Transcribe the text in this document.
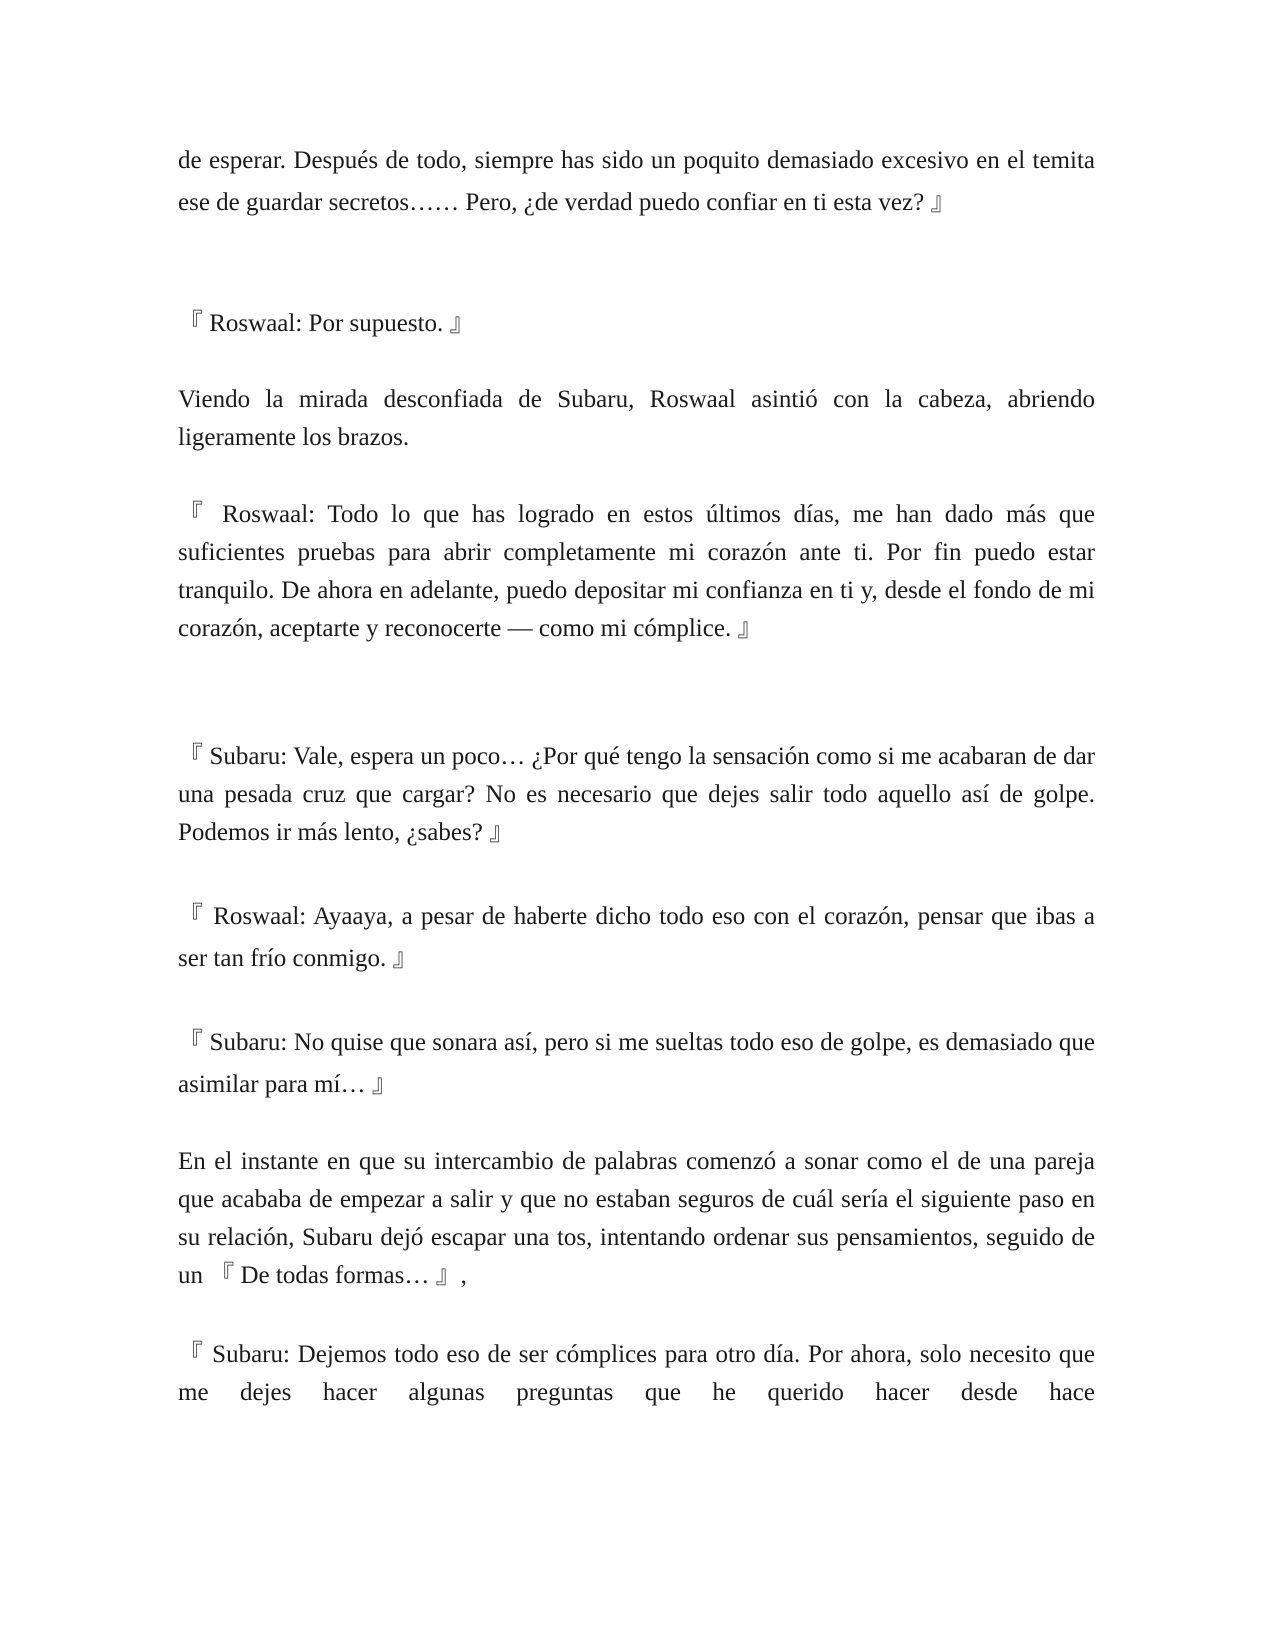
de esperar. Después de todo, siempre has sido un poquito demasiado excesivo en el temita ese de guardar secretos…… Pero, ¿de verdad puedo confiar en ti esta vez? 』

『 Roswaal: Por supuesto. 』

Viendo la mirada desconfiada de Subaru, Roswaal asintió con la cabeza, abriendo ligeramente los brazos.

『 Roswaal: Todo lo que has logrado en estos últimos días, me han dado más que suficientes pruebas para abrir completamente mi corazón ante ti. Por fin puedo estar tranquilo. De ahora en adelante, puedo depositar mi confianza en ti y, desde el fondo de mi corazón, aceptarte y reconocerte — como mi cómplice. 』

『 Subaru: Vale, espera un poco… ¿Por qué tengo la sensación como si me acabaran de dar una pesada cruz que cargar? No es necesario que dejes salir todo aquello así de golpe. Podemos ir más lento, ¿sabes? 』

『 Roswaal: Ayaaya, a pesar de haberte dicho todo eso con el corazón, pensar que ibas a ser tan frío conmigo. 』

『 Subaru: No quise que sonara así, pero si me sueltas todo eso de golpe, es demasiado que asimilar para mí… 』

En el instante en que su intercambio de palabras comenzó a sonar como el de una pareja que acababa de empezar a salir y que no estaban seguros de cuál sería el siguiente paso en su relación, Subaru dejó escapar una tos, intentando ordenar sus pensamientos, seguido de un 『 De todas formas… 』,

『 Subaru: Dejemos todo eso de ser cómplices para otro día. Por ahora, solo necesito que me dejes hacer algunas preguntas que he querido hacer desde hace
